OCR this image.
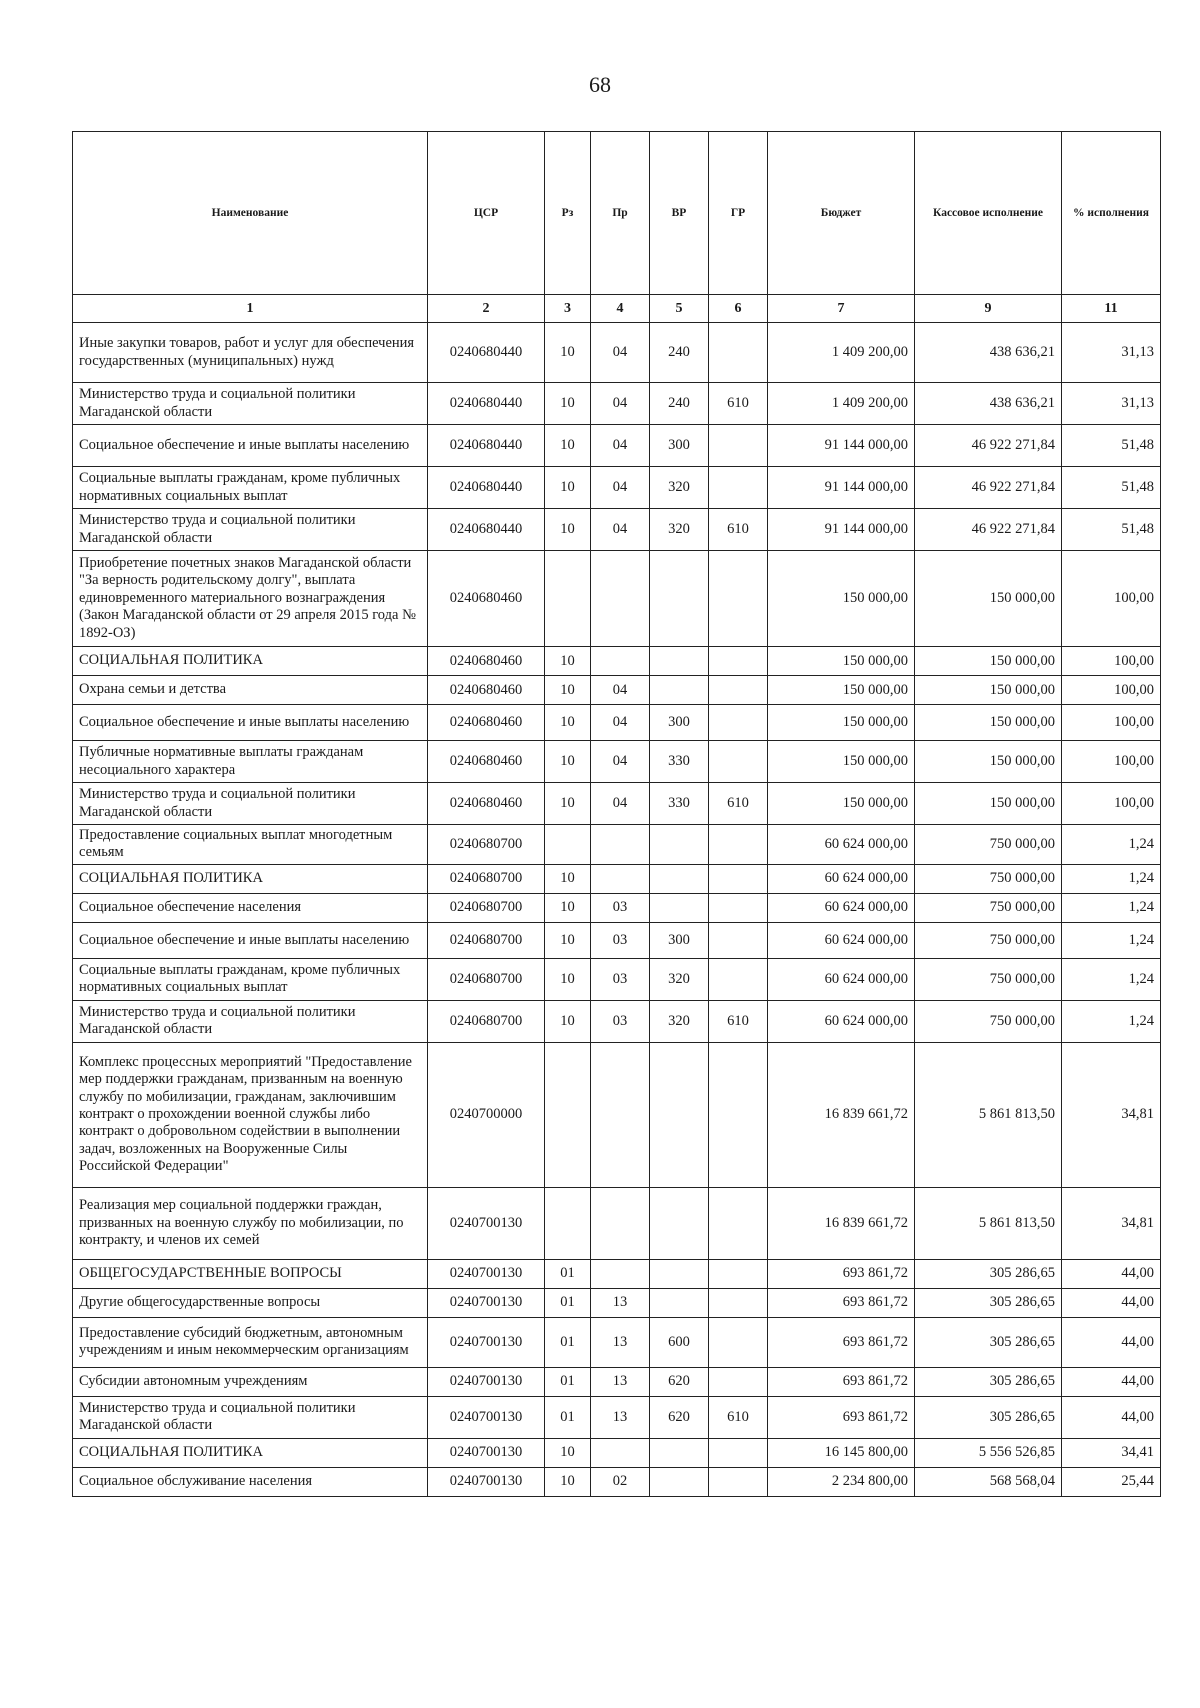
68
Наименование	ЦСР	Рз	Пр	ВР	ГР	Бюджет	Кассовое исполнение	% исполнения
1	2	3	4	5	6	7	9	11
Иные закупки товаров, работ и услуг для обеспечения государственных (муниципальных) нужд	0240680440	10	04	240		1 409 200,00	438 636,21	31,13
Министерство труда и социальной политики Магаданской области	0240680440	10	04	240	610	1 409 200,00	438 636,21	31,13
Социальное обеспечение и иные выплаты населению	0240680440	10	04	300		91 144 000,00	46 922 271,84	51,48
Социальные выплаты гражданам, кроме публичных нормативных социальных выплат	0240680440	10	04	320		91 144 000,00	46 922 271,84	51,48
Министерство труда и социальной политики Магаданской области	0240680440	10	04	320	610	91 144 000,00	46 922 271,84	51,48
Приобретение почетных знаков Магаданской области "За верность родительскому долгу", выплата единовременного материального вознаграждения (Закон Магаданской области от 29 апреля 2015 года № 1892-ОЗ)	0240680460					150 000,00	150 000,00	100,00
СОЦИАЛЬНАЯ ПОЛИТИКА	0240680460	10				150 000,00	150 000,00	100,00
Охрана семьи и детства	0240680460	10	04			150 000,00	150 000,00	100,00
Социальное обеспечение и иные выплаты населению	0240680460	10	04	300		150 000,00	150 000,00	100,00
Публичные нормативные выплаты гражданам несоциального характера	0240680460	10	04	330		150 000,00	150 000,00	100,00
Министерство труда и социальной политики Магаданской области	0240680460	10	04	330	610	150 000,00	150 000,00	100,00
Предоставление социальных выплат многодетным семьям	0240680700					60 624 000,00	750 000,00	1,24
СОЦИАЛЬНАЯ ПОЛИТИКА	0240680700	10				60 624 000,00	750 000,00	1,24
Социальное обеспечение населения	0240680700	10	03			60 624 000,00	750 000,00	1,24
Социальное обеспечение и иные выплаты населению	0240680700	10	03	300		60 624 000,00	750 000,00	1,24
Социальные выплаты гражданам, кроме публичных нормативных социальных выплат	0240680700	10	03	320		60 624 000,00	750 000,00	1,24
Министерство труда и социальной политики Магаданской области	0240680700	10	03	320	610	60 624 000,00	750 000,00	1,24
Комплекс процессных мероприятий "Предоставление мер поддержки гражданам, призванным на военную службу по мобилизации, гражданам, заключившим контракт о прохождении военной службы либо контракт о добровольном содействии в выполнении задач, возложенных на Вооруженные Силы Российской Федерации"	0240700000					16 839 661,72	5 861 813,50	34,81
Реализация мер социальной поддержки граждан, призванных на военную службу по мобилизации, по контракту, и членов их семей	0240700130					16 839 661,72	5 861 813,50	34,81
ОБЩЕГОСУДАРСТВЕННЫЕ ВОПРОСЫ	0240700130	01				693 861,72	305 286,65	44,00
Другие общегосударственные вопросы	0240700130	01	13			693 861,72	305 286,65	44,00
Предоставление субсидий бюджетным, автономным учреждениям и иным некоммерческим организациям	0240700130	01	13	600		693 861,72	305 286,65	44,00
Субсидии автономным учреждениям	0240700130	01	13	620		693 861,72	305 286,65	44,00
Министерство труда и социальной политики Магаданской области	0240700130	01	13	620	610	693 861,72	305 286,65	44,00
СОЦИАЛЬНАЯ ПОЛИТИКА	0240700130	10				16 145 800,00	5 556 526,85	34,41
Социальное обслуживание населения	0240700130	10	02			2 234 800,00	568 568,04	25,44
